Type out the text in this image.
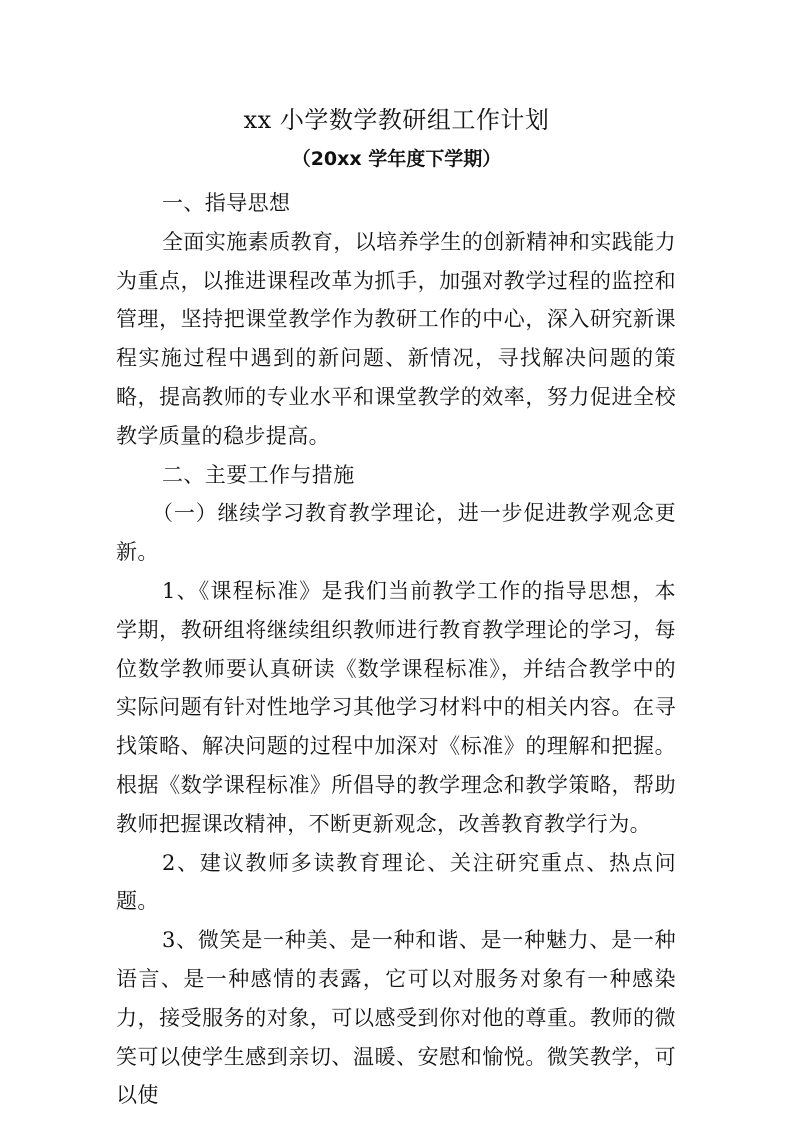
xx 小学数学教研组工作计划
（20xx 学年度下学期）

一、指导思想

全面实施素质教育，以培养学生的创新精神和实践能力为重点，以推进课程改革为抓手，加强对教学过程的监控和管理，坚持把课堂教学作为教研工作的中心，深入研究新课程实施过程中遇到的新问题、新情况，寻找解决问题的策略，提高教师的专业水平和课堂教学的效率，努力促进全校教学质量的稳步提高。

二、主要工作与措施

（一）继续学习教育教学理论，进一步促进教学观念更新。

1、《课程标准》是我们当前教学工作的指导思想，本学期，教研组将继续组织教师进行教育教学理论的学习，每位数学教师要认真研读《数学课程标准》，并结合教学中的实际问题有针对性地学习其他学习材料中的相关内容。在寻找策略、解决问题的过程中加深对《标准》的理解和把握。根据《数学课程标准》所倡导的教学理念和教学策略，帮助教师把握课改精神，不断更新观念，改善教育教学行为。

2、建议教师多读教育理论、关注研究重点、热点问题。

3、微笑是一种美、是一种和谐、是一种魅力、是一种语言、是一种感情的表露，它可以对服务对象有一种感染力，接受服务的对象，可以感受到你对他的尊重。教师的微笑可以使学生感到亲切、温暖、安慰和愉悦。微笑教学，可以使
